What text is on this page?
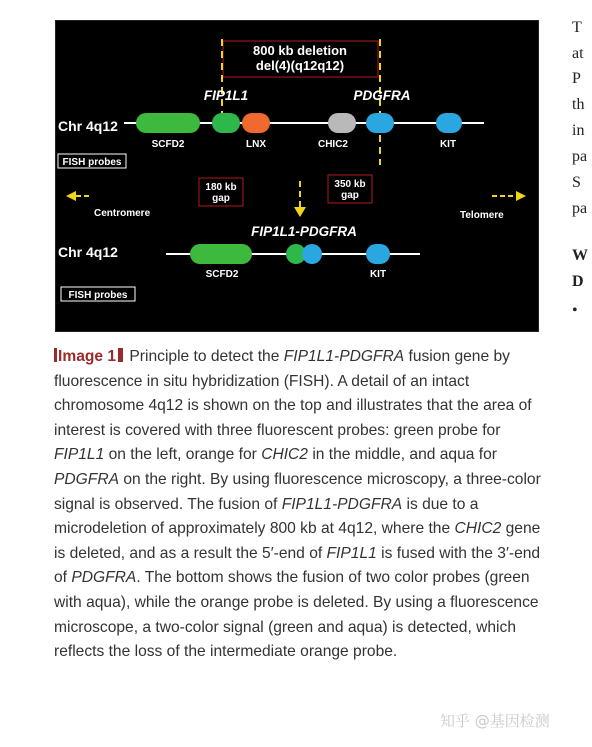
800 kb deletion
del(4)(q12q12)
FIP1L1	PDGFRA
Chr 4q12
SCFD2	LNX	CHIC2	KIT
FISH probes
180 kb
gap
350 kb
gap
Centromere	Telomere
FIP1L1-PDGFRA
Chr 4q12
SCFD2	KIT
FISH probes
Image 1 Principle to detect the FIP1L1-PDGFRA fusion gene by fluorescence in situ hybridization (FISH). A detail of an intact chromosome 4q12 is shown on the top and illustrates that the area of interest is covered with three fluorescent probes: green probe for FIP1L1 on the left, orange for CHIC2 in the middle, and aqua for PDGFRA on the right. By using fluorescence microscopy, a three-color signal is observed. The fusion of FIP1L1-PDGFRA is due to a microdeletion of approximately 800 kb at 4q12, where the CHIC2 gene is deleted, and as a result the 5′-end of FIP1L1 is fused with the 3′-end of PDGFRA. The bottom shows the fusion of two color probes (green with aqua), while the orange probe is deleted. By using a fluorescence microscope, a two-color signal (green and aqua) is detected, which reflects the loss of the intermediate orange probe.
T
at
P
th
in
pa
S
pa
W
D
•
知乎 @基因检测
